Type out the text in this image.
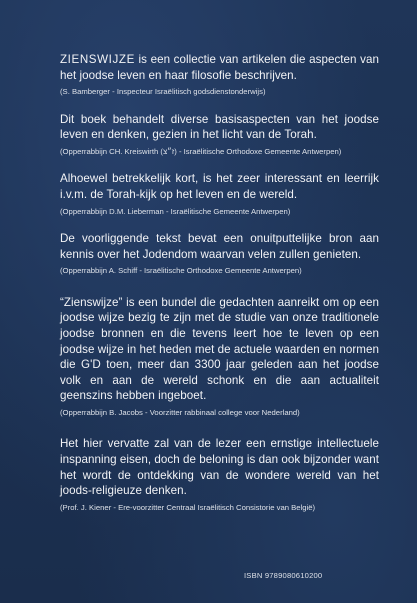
ZIENSWIJZE is een collectie van artikelen die aspecten van het joodse leven en haar filosofie beschrijven.
(S. Bamberger - Inspecteur Israëlitisch godsdienstonderwijs)
Dit boek behandelt diverse basisaspecten van het joodse leven en denken, gezien in het licht van de Torah.
(Opperrabbijn CH. Kreiswirth (ז״צ) - Israëlitische Orthodoxe Gemeente Antwerpen)
Alhoewel betrekkelijk kort, is het zeer interessant en leerrijk i.v.m. de Torah-kijk op het leven en de wereld.
(Opperrabbijn D.M. Lieberman - Israëlitische Gemeente Antwerpen)
De voorliggende tekst bevat een onuitputtelijke bron aan kennis over het Jodendom waarvan velen zullen genieten.
(Opperrabbijn A. Schiff - Israëlitische Orthodoxe Gemeente Antwerpen)
“Zienswijze” is een bundel die gedachten aanreikt om op een joodse wijze bezig te zijn met de studie van onze traditionele joodse bronnen en die tevens leert hoe te leven op een joodse wijze in het heden met de actuele waarden en normen die G'D toen, meer dan 3300 jaar geleden aan het joodse volk en aan de wereld schonk en die aan actualiteit geenszins hebben ingeboet.
(Opperrabbijn B. Jacobs - Voorzitter rabbinaal college voor Nederland)
Het hier vervatte zal van de lezer een ernstige intellectuele inspanning eisen, doch de beloning is dan ook bijzonder want het wordt de ontdekking van de wondere wereld van het joods-religieuze denken.
(Prof. J. Kiener - Ere-voorzitter Centraal Israëlitisch Consistorie van België)
ISBN 9789080610200
